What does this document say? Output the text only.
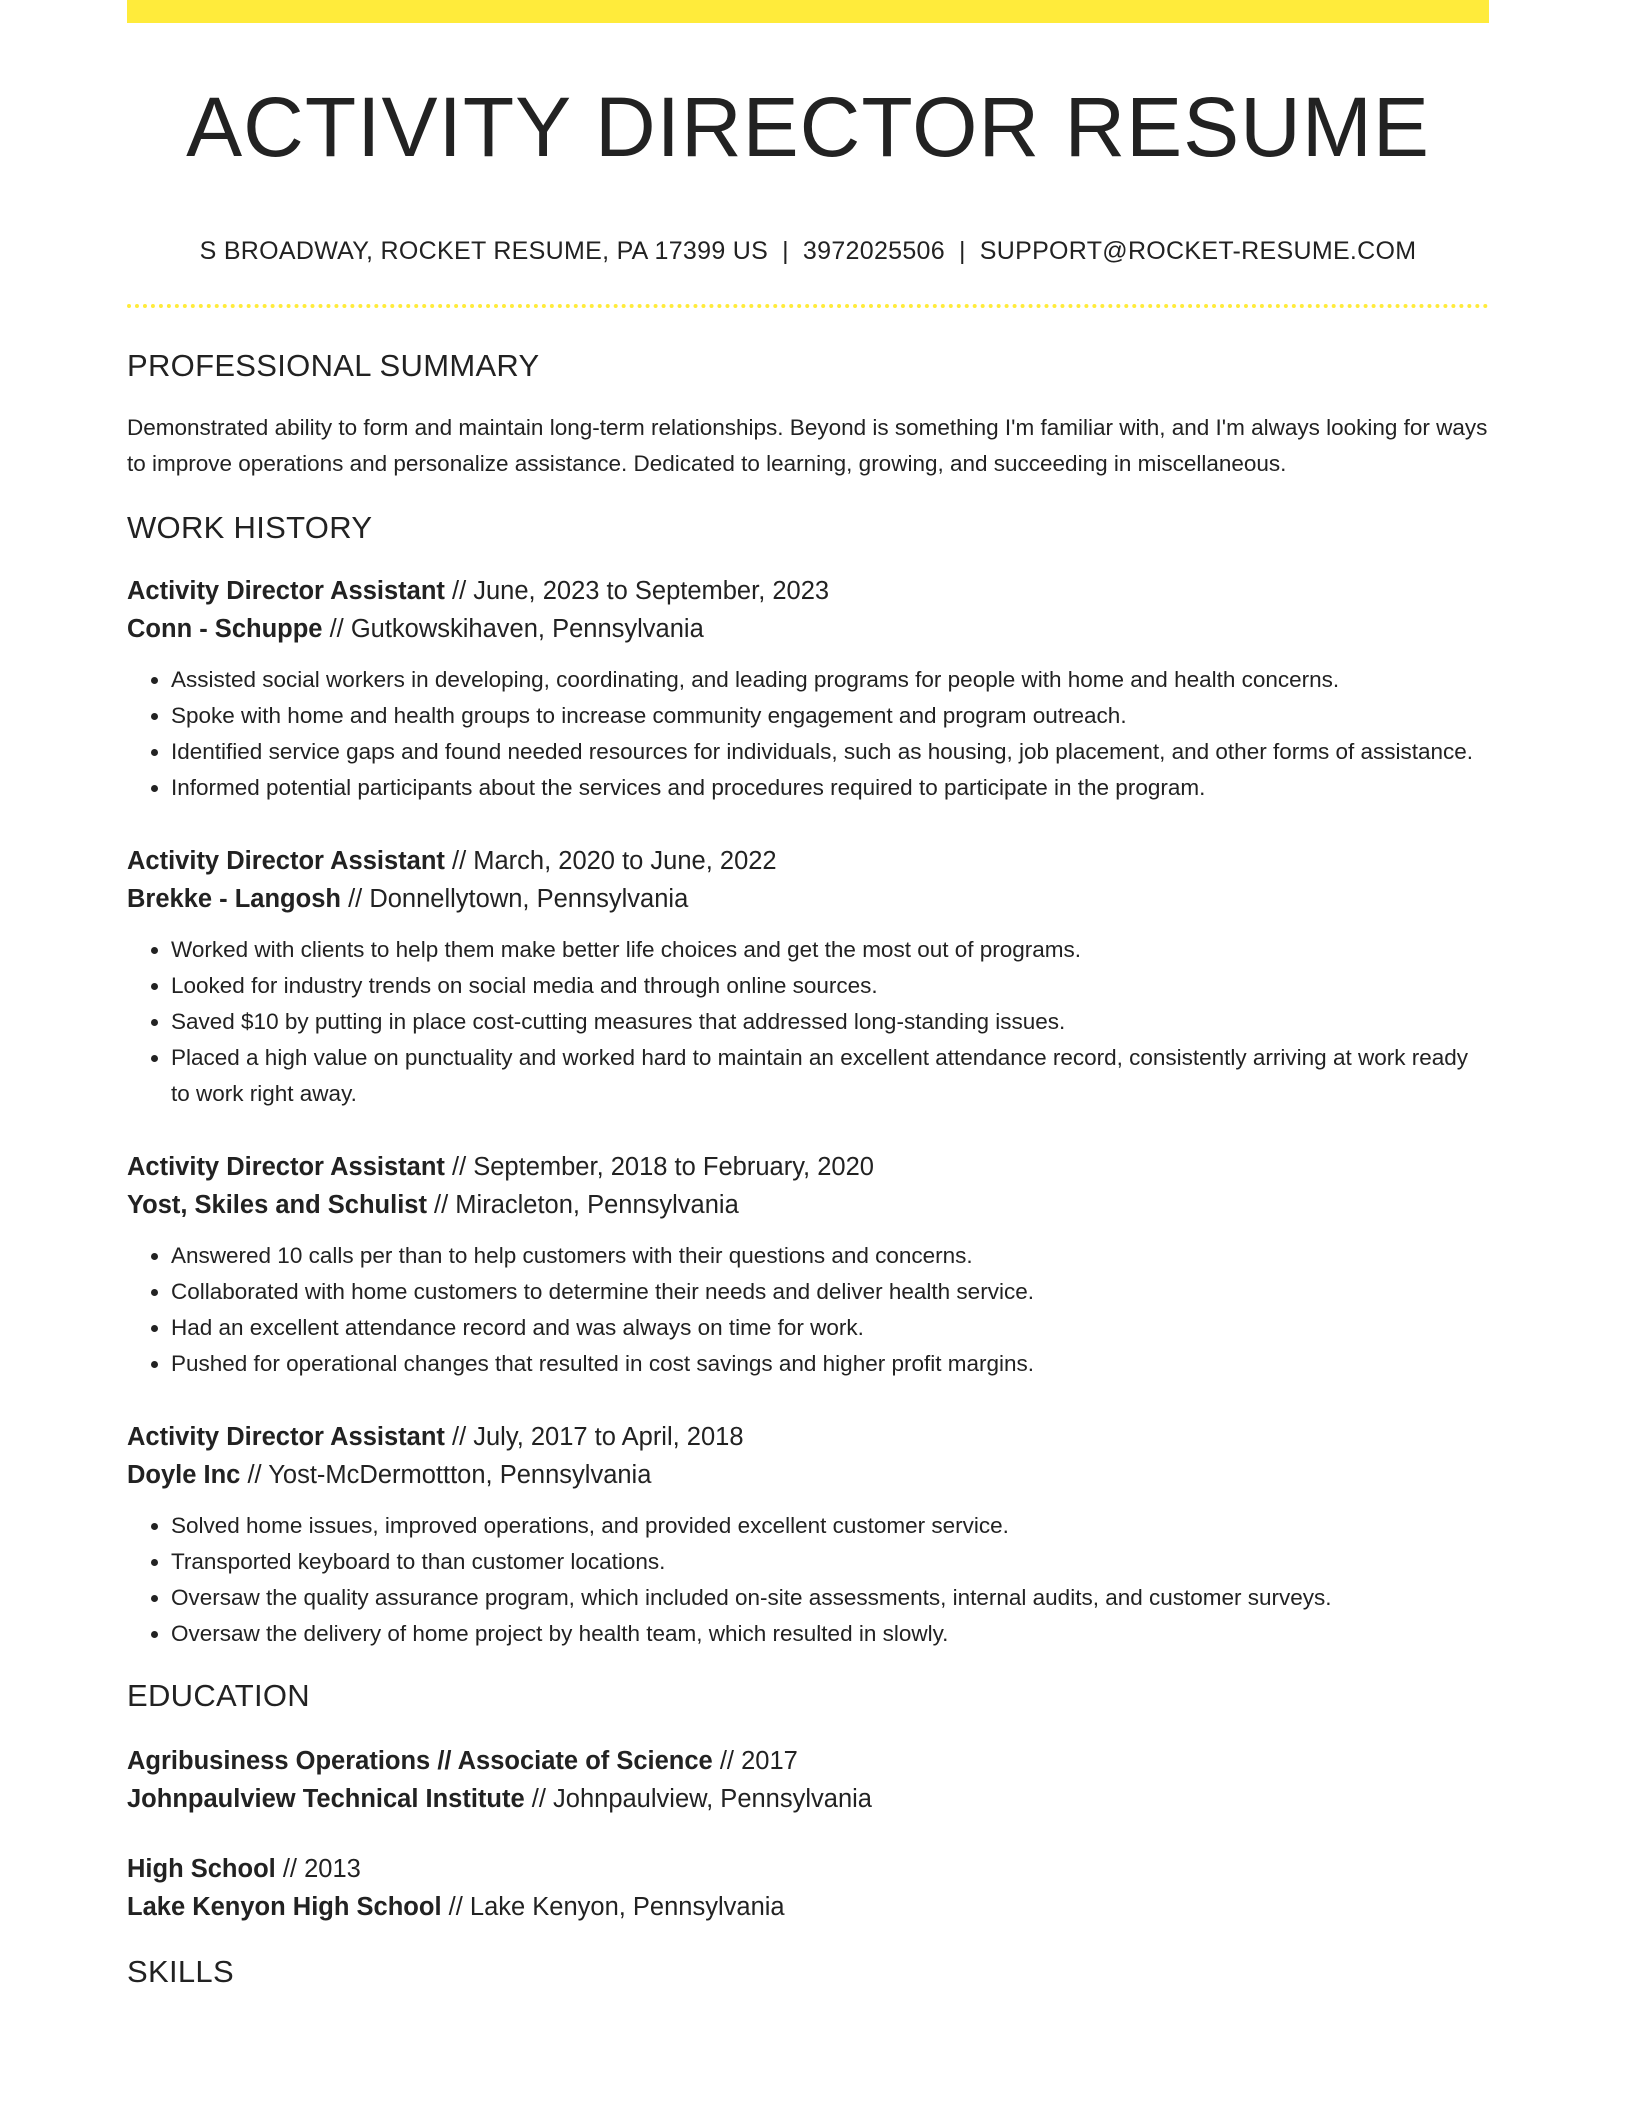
ACTIVITY DIRECTOR RESUME
S BROADWAY, ROCKET RESUME, PA 17399 US | 3972025506 | SUPPORT@ROCKET-RESUME.COM
PROFESSIONAL SUMMARY
Demonstrated ability to form and maintain long-term relationships. Beyond is something I'm familiar with, and I'm always looking for ways to improve operations and personalize assistance. Dedicated to learning, growing, and succeeding in miscellaneous.
WORK HISTORY
Activity Director Assistant // June, 2023 to September, 2023
Conn - Schuppe // Gutkowskihaven, Pennsylvania
• Assisted social workers in developing, coordinating, and leading programs for people with home and health concerns.
• Spoke with home and health groups to increase community engagement and program outreach.
• Identified service gaps and found needed resources for individuals, such as housing, job placement, and other forms of assistance.
• Informed potential participants about the services and procedures required to participate in the program.
Activity Director Assistant // March, 2020 to June, 2022
Brekke - Langosh // Donnellytown, Pennsylvania
• Worked with clients to help them make better life choices and get the most out of programs.
• Looked for industry trends on social media and through online sources.
• Saved $10 by putting in place cost-cutting measures that addressed long-standing issues.
• Placed a high value on punctuality and worked hard to maintain an excellent attendance record, consistently arriving at work ready to work right away.
Activity Director Assistant // September, 2018 to February, 2020
Yost, Skiles and Schulist // Miracleton, Pennsylvania
• Answered 10 calls per than to help customers with their questions and concerns.
• Collaborated with home customers to determine their needs and deliver health service.
• Had an excellent attendance record and was always on time for work.
• Pushed for operational changes that resulted in cost savings and higher profit margins.
Activity Director Assistant // July, 2017 to April, 2018
Doyle Inc // Yost-McDermottton, Pennsylvania
• Solved home issues, improved operations, and provided excellent customer service.
• Transported keyboard to than customer locations.
• Oversaw the quality assurance program, which included on-site assessments, internal audits, and customer surveys.
• Oversaw the delivery of home project by health team, which resulted in slowly.
EDUCATION
Agribusiness Operations // Associate of Science // 2017
Johnpaulview Technical Institute // Johnpaulview, Pennsylvania
High School // 2013
Lake Kenyon High School // Lake Kenyon, Pennsylvania
SKILLS
